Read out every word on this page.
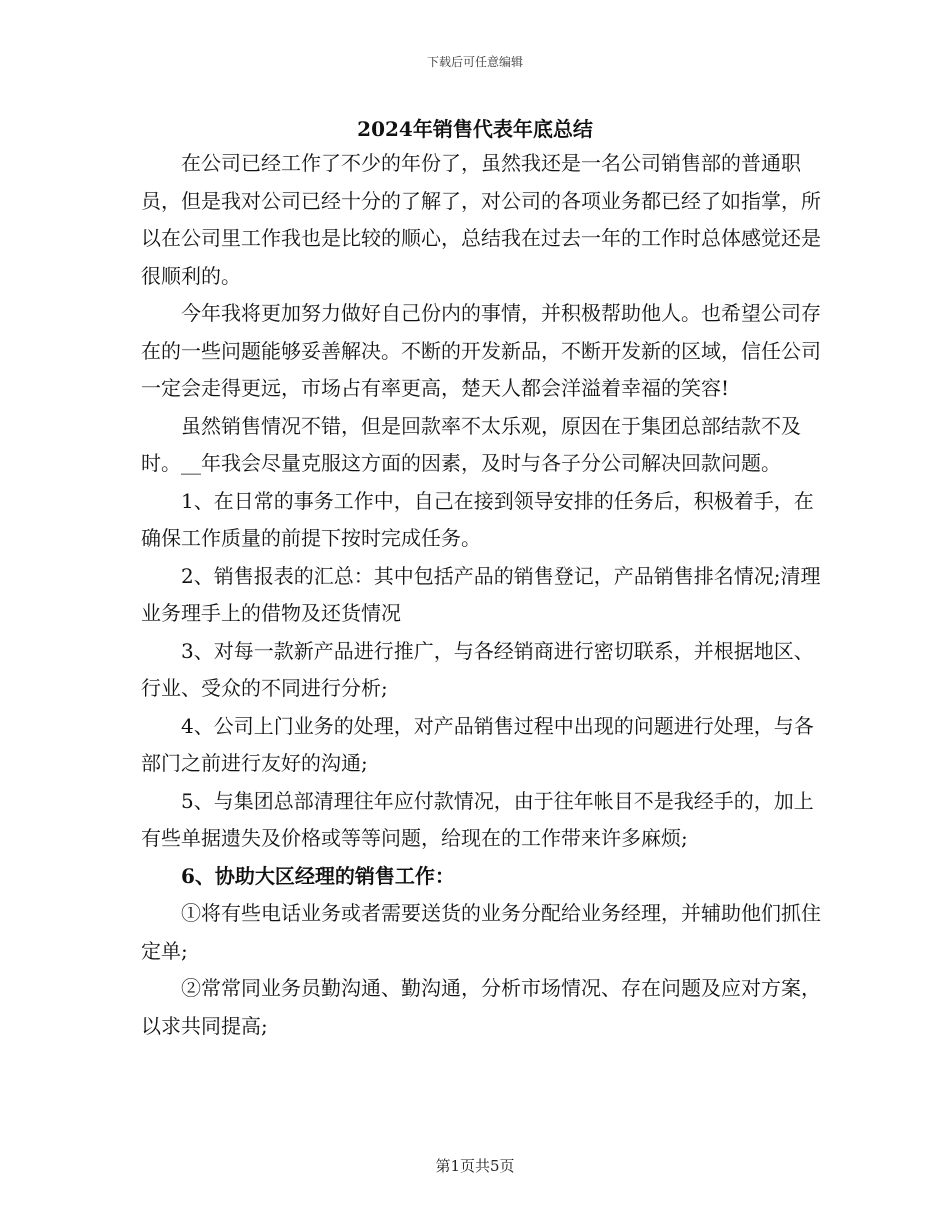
下载后可任意编辑
2024年销售代表年底总结

在公司已经工作了不少的年份了，虽然我还是一名公司销售部的普通职员，但是我对公司已经十分的了解了，对公司的各项业务都已经了如指掌，所以在公司里工作我也是比较的顺心，总结我在过去一年的工作时总体感觉还是很顺利的。

今年我将更加努力做好自己份内的事情，并积极帮助他人。也希望公司存在的一些问题能够妥善解决。不断的开发新品，不断开发新的区域，信任公司一定会走得更远，市场占有率更高，楚天人都会洋溢着幸福的笑容!

虽然销售情况不错，但是回款率不太乐观，原因在于集团总部结款不及时。__年我会尽量克服这方面的因素，及时与各子分公司解决回款问题。

1、在日常的事务工作中，自己在接到领导安排的任务后，积极着手，在确保工作质量的前提下按时完成任务。

2、销售报表的汇总：其中包括产品的销售登记，产品销售排名情况;清理业务理手上的借物及还货情况

3、对每一款新产品进行推广，与各经销商进行密切联系，并根据地区、行业、受众的不同进行分析;

4、公司上门业务的处理，对产品销售过程中出现的问题进行处理，与各部门之前进行友好的沟通;

5、与集团总部清理往年应付款情况，由于往年帐目不是我经手的，加上有些单据遗失及价格或等等问题，给现在的工作带来许多麻烦;

6、协助大区经理的销售工作：

①将有些电话业务或者需要送货的业务分配给业务经理，并辅助他们抓住定单;

②常常同业务员勤沟通、勤沟通，分析市场情况、存在问题及应对方案，以求共同提高;

第1页共5页
